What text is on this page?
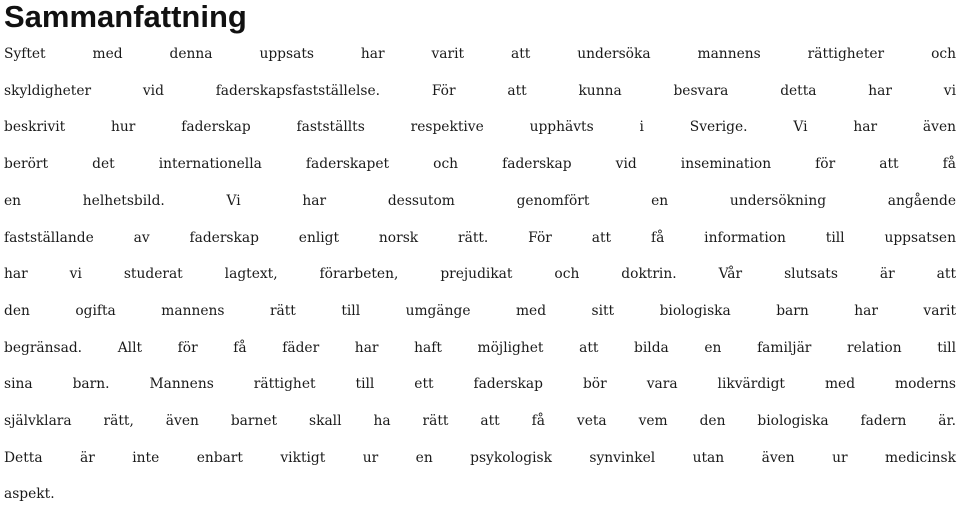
Sammanfattning

Syftet med denna uppsats har varit att undersöka mannens rättigheter och
skyldigheter vid faderskapsfastställelse. För att kunna besvara detta har vi
beskrivit hur faderskap fastställts respektive upphävts i Sverige. Vi har även
berört det internationella faderskapet och faderskap vid insemination för att få
en helhetsbild. Vi har dessutom genomfört en undersökning angående
fastställande av faderskap enligt norsk rätt. För att få information till uppsatsen
har vi studerat lagtext, förarbeten, prejudikat och doktrin. Vår slutsats är att
den ogifta mannens rätt till umgänge med sitt biologiska barn har varit
begränsad. Allt för få fäder har haft möjlighet att bilda en familjär relation till
sina barn. Mannens rättighet till ett faderskap bör vara likvärdigt med moderns
självklara rätt, även barnet skall ha rätt att få veta vem den biologiska fadern är.
Detta är inte enbart viktigt ur en psykologisk synvinkel utan även ur medicinsk
aspekt.
